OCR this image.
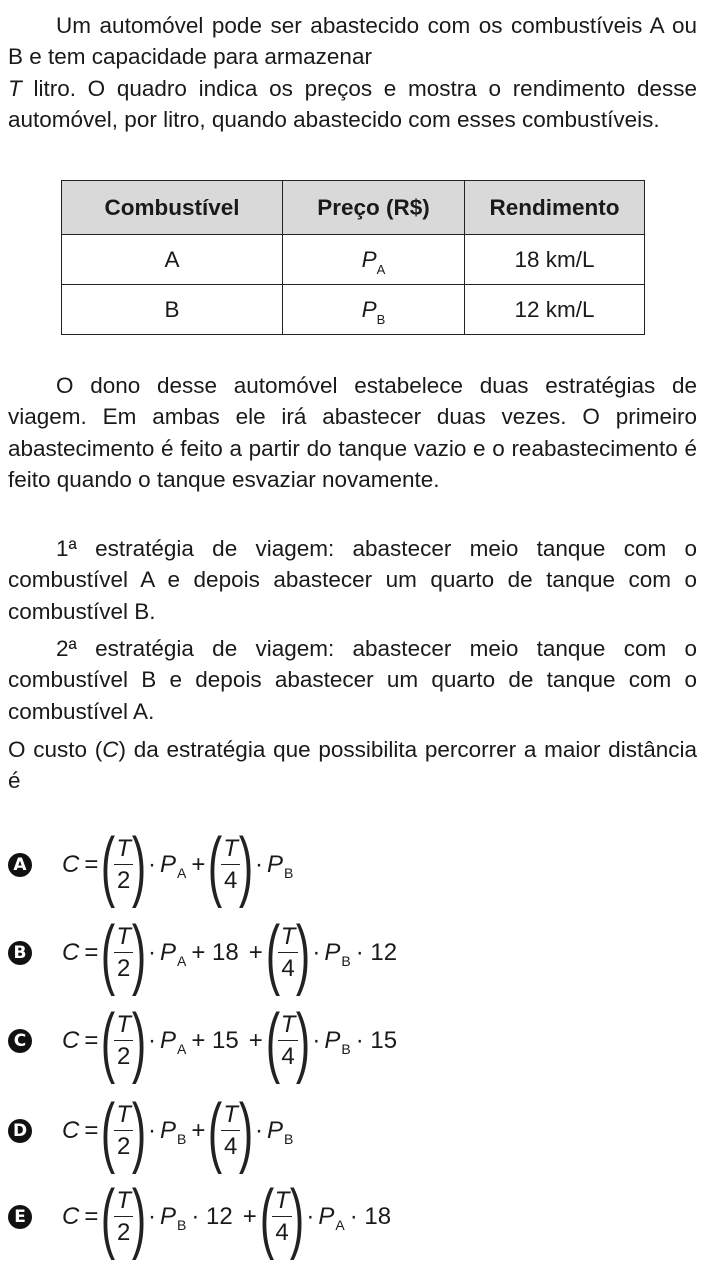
Um automóvel pode ser abastecido com os combustíveis A ou B e tem capacidade para armazenar
T litro. O quadro indica os preços e mostra o rendimento desse automóvel, por litro, quando abastecido com esses combustíveis.

Combustível	Preço (R$)	Rendimento
A	$P_A$	18 km/L
B	$P_B$	12 km/L

O dono desse automóvel estabelece duas estratégias de viagem. Em ambas ele irá abastecer duas vezes. O primeiro abastecimento é feito a partir do tanque vazio e o reabastecimento é feito quando o tanque esvaziar novamente.

1ª estratégia de viagem: abastecer meio tanque com o combustível A e depois abastecer um quarto de tanque com o combustível B.

2ª estratégia de viagem: abastecer meio tanque com o combustível B e depois abastecer um quarto de tanque com o combustível A.

O custo (C) da estratégia que possibilita percorrer a maior distância é

A C = (
$\frac{T}{2}$
) · P A + (
$\frac{T}{4}$
) · P B
B C = (
$\frac{T}{2}$
) · P A + 18 + (
$\frac{T}{4}$
) · P B · 12
C C = (
$\frac{T}{2}$
) · P A + 15 + (
$\frac{T}{4}$
) · P B · 15
D C = (
$\frac{T}{2}$
) · P B + (
$\frac{T}{4}$
) · P B
E C = (
$\frac{T}{2}$
) · P B · 12 + (
$\frac{T}{4}$
) · P A · 18
